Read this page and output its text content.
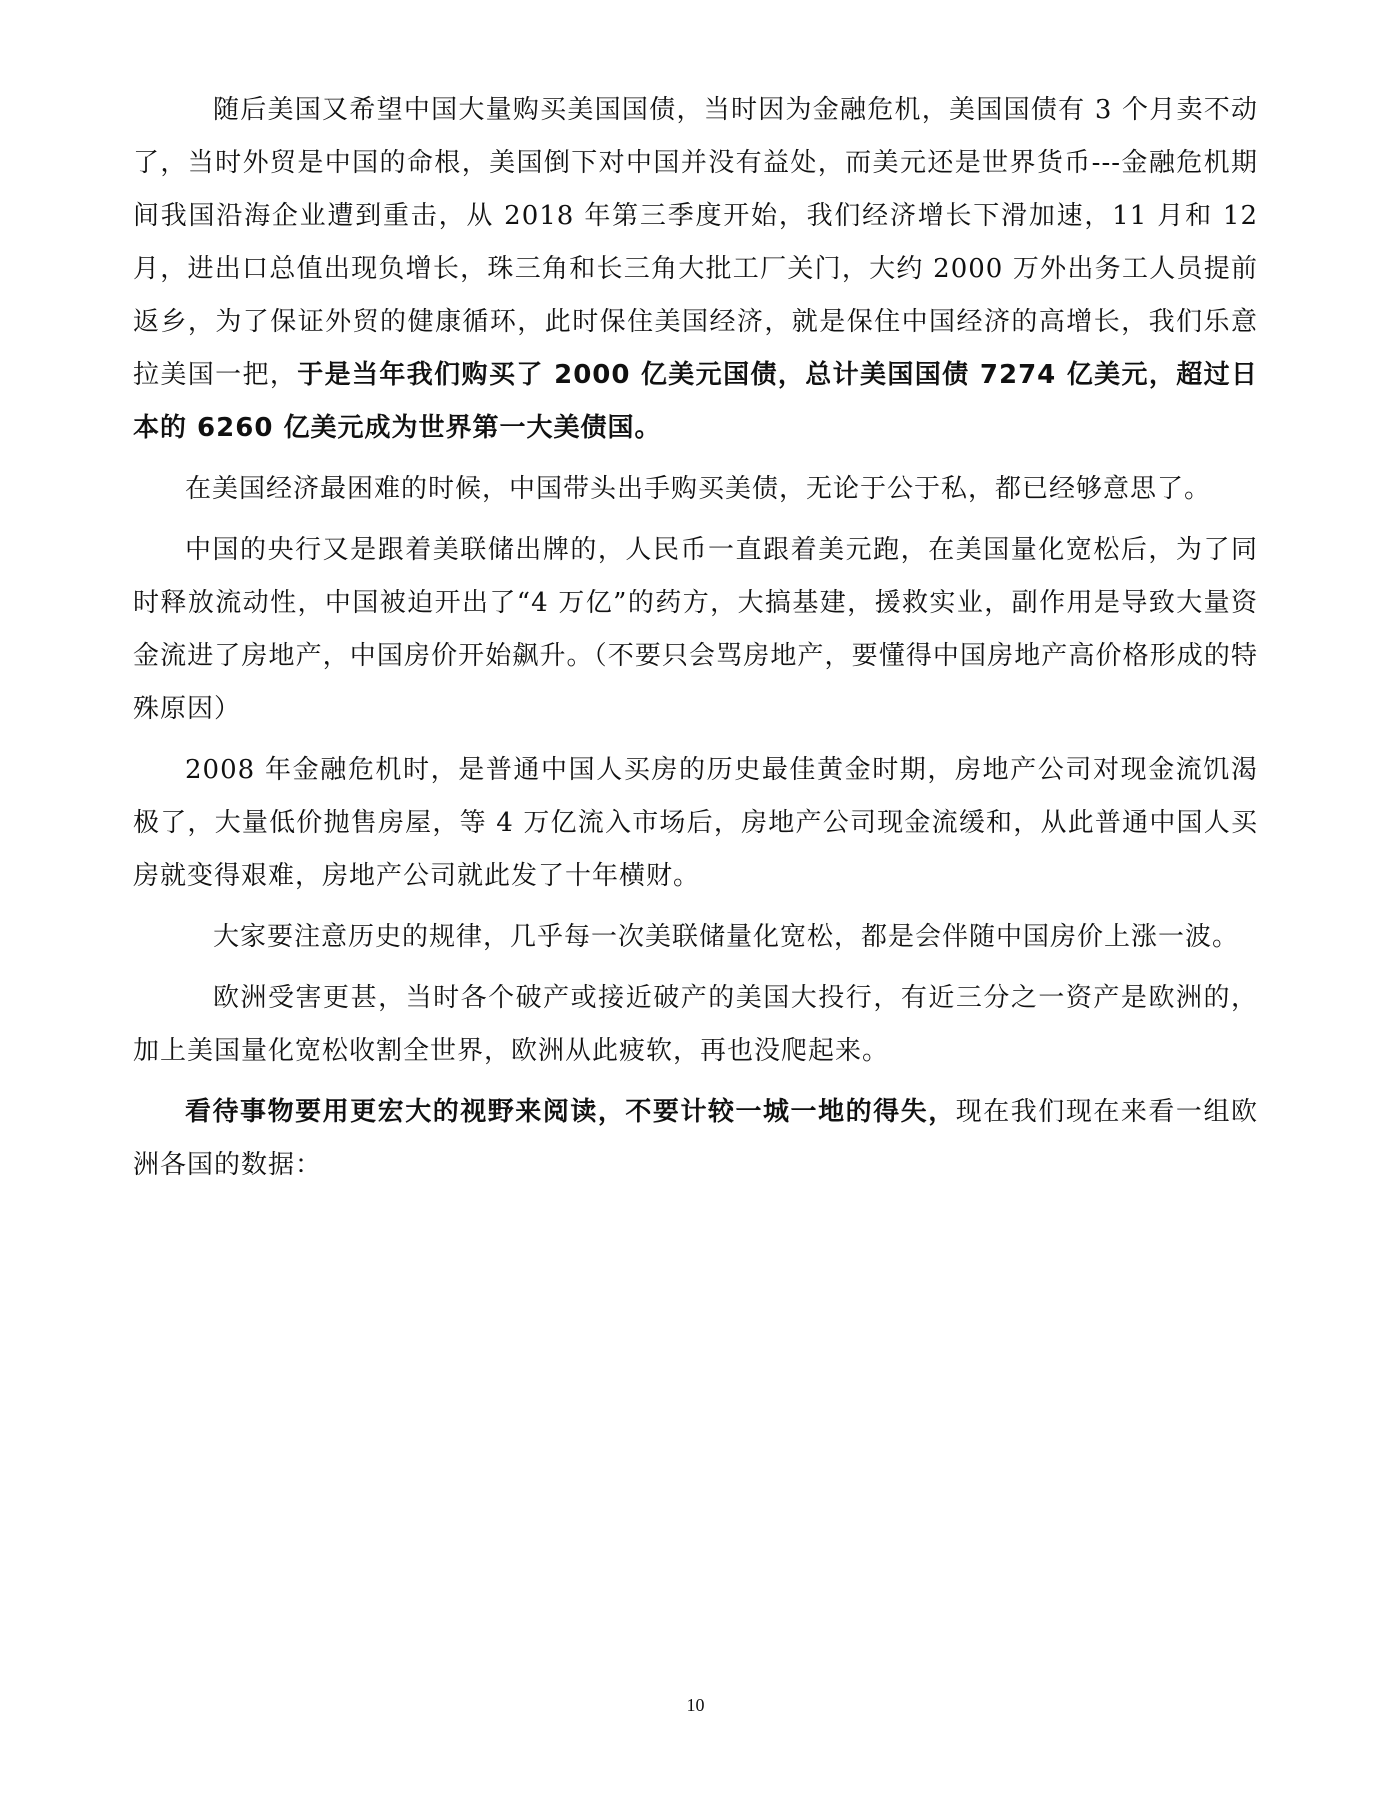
随后美国又希望中国大量购买美国国债，当时因为金融危机，美国国债有 3 个月卖不动了，当时外贸是中国的命根，美国倒下对中国并没有益处，而美元还是世界货币---金融危机期间我国沿海企业遭到重击，从 2018 年第三季度开始，我们经济增长下滑加速，11 月和 12 月，进出口总值出现负增长，珠三角和长三角大批工厂关门，大约 2000 万外出务工人员提前返乡，为了保证外贸的健康循环，此时保住美国经济，就是保住中国经济的高增长，我们乐意拉美国一把，于是当年我们购买了 2000 亿美元国债，总计美国国债 7274 亿美元，超过日本的 6260 亿美元成为世界第一大美债国。

在美国经济最困难的时候，中国带头出手购买美债，无论于公于私，都已经够意思了。

中国的央行又是跟着美联储出牌的，人民币一直跟着美元跑，在美国量化宽松后，为了同时释放流动性，中国被迫开出了“4 万亿”的药方，大搞基建，援救实业，副作用是导致大量资金流进了房地产，中国房价开始飙升。（不要只会骂房地产，要懂得中国房地产高价格形成的特殊原因）

2008 年金融危机时，是普通中国人买房的历史最佳黄金时期，房地产公司对现金流饥渴极了，大量低价抛售房屋，等 4 万亿流入市场后，房地产公司现金流缓和，从此普通中国人买房就变得艰难，房地产公司就此发了十年横财。

大家要注意历史的规律，几乎每一次美联储量化宽松，都是会伴随中国房价上涨一波。

欧洲受害更甚，当时各个破产或接近破产的美国大投行，有近三分之一资产是欧洲的，加上美国量化宽松收割全世界，欧洲从此疲软，再也没爬起来。

看待事物要用更宏大的视野来阅读，不要计较一城一地的得失，现在我们现在来看一组欧洲各国的数据：

10
